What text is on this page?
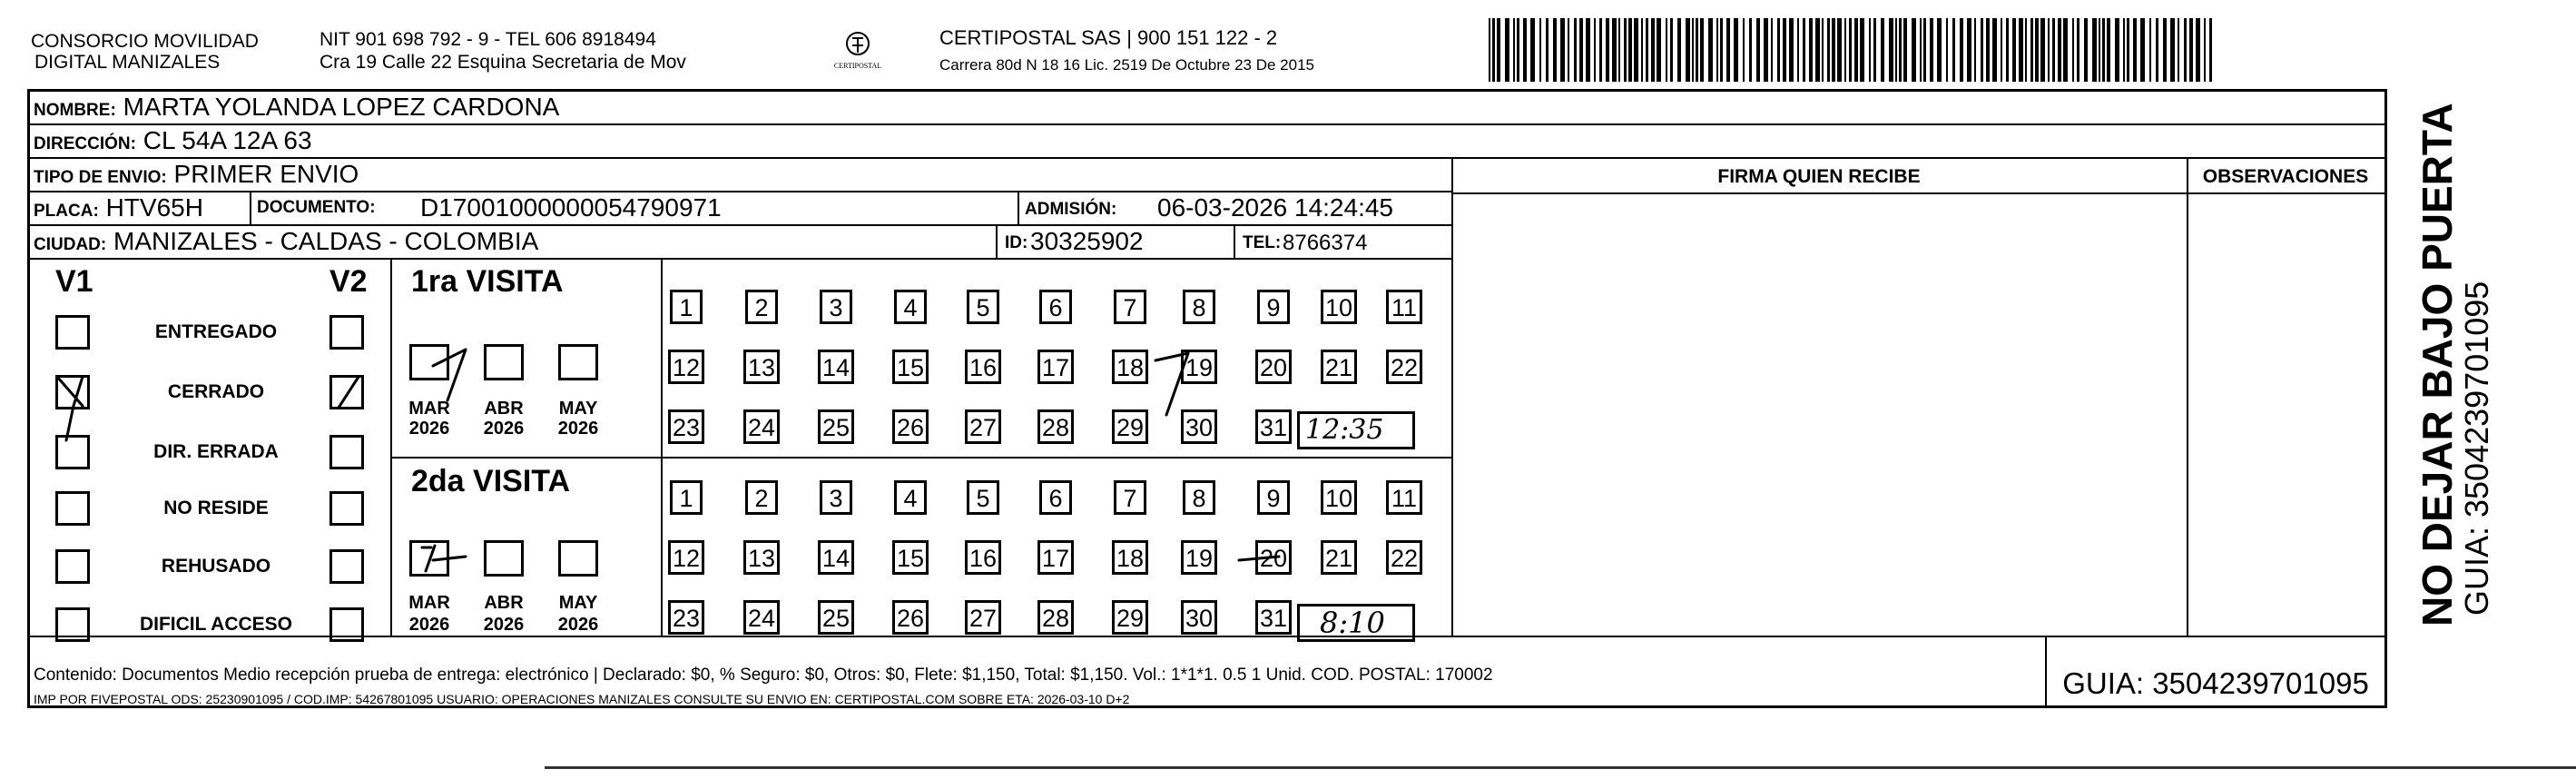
CONSORCIO MOVILIDAD
DIGITAL MANIZALES
NIT 901 698 792 - 9 - TEL 606 8918494
Cra 19 Calle 22 Esquina Secretaria de Mov	CERTIPOSTAL
CERTIPOSTAL SAS | 900 151 122 - 2
Carrera 80d N 18 16 Lic. 2519 De Octubre 23 De 2015
NOMBRE: MARTA YOLANDA LOPEZ CARDONA
DIRECCIÓN: CL 54A 12A 63
TIPO DE ENVIO: PRIMER ENVIO
PLACA: HTV65H	DOCUMENTO: D17001000000054790971	ADMISIÓN: 06-03-2026 14:24:45
CIUDAD: MANIZALES - CALDAS - COLOMBIA	ID: 30325902	TEL: 8766374
FIRMA QUIEN RECIBE	OBSERVACIONES
V1	V2
ENTREGADO
CERRADO
DIR. ERRADA
NO RESIDE
REHUSADO
DIFICIL ACCESO
1ra VISITA
MAR	ABR	MAY
2026	2026	2026
2da VISITA
MAR	ABR	MAY
2026	2026	2026
12:35
8:10
Contenido: Documentos Medio recepción prueba de entrega: electrónico | Declarado: $0, % Seguro: $0, Otros: $0, Flete: $1,150, Total: $1,150. Vol.: 1*1*1. 0.5 1 Unid. COD. POSTAL: 170002
IMP POR FIVEPOSTAL ODS: 25230901095 / COD.IMP: 54267801095 USUARIO: OPERACIONES MANIZALES CONSULTE SU ENVIO EN: CERTIPOSTAL.COM SOBRE ETA: 2026-03-10 D+2	GUIA: 3504239701095
1	2	3	4	5	6	7	8	9	10 11
12 13 14 15 16 17 18 19 20 21 22
23 24 25 26 27 28 29 30 31
1	2	3	4	5	6	7	8	9	10 11
12 13 14 15 16 17 18 19 20 21 22
23 24 25 26 27 28 29 30 31	NO DEJAR BAJO PUERTA
GUIA: 3504239701095
